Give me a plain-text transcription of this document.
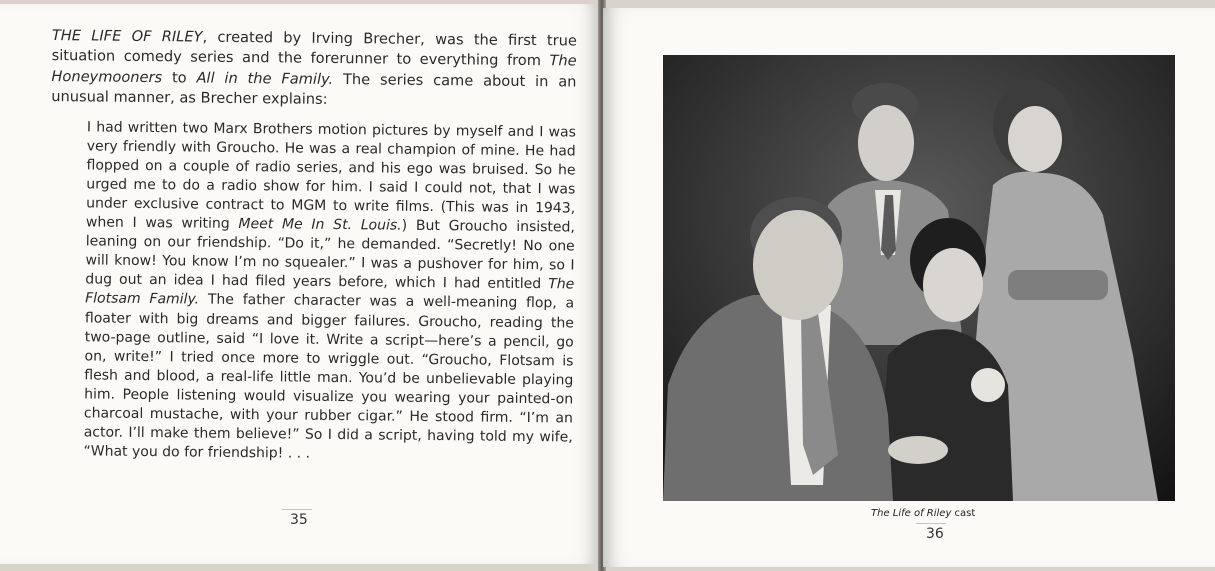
THE LIFE OF RILEY, created by Irving Brecher, was the first true situation comedy series and the forerunner to everything from The Honeymooners to All in the Family. The series came about in an unusual manner, as Brecher explains:

I had written two Marx Brothers motion pictures by myself and I was very friendly with Groucho. He was a real champion of mine. He had flopped on a couple of radio series, and his ego was bruised. So he urged me to do a radio show for him. I said I could not, that I was under exclusive contract to MGM to write films. (This was in 1943, when I was writing Meet Me In St. Louis.) But Groucho insisted, leaning on our friendship. “Do it,” he demanded. “Secretly! No one will know! You know I’m no squealer.” I was a pushover for him, so I dug out an idea I had filed years before, which I had entitled The Flotsam Family. The father character was a well-meaning flop, a floater with big dreams and bigger failures. Groucho, reading the two-page outline, said “I love it. Write a script—here’s a pencil, go on, write!” I tried once more to wriggle out. “Groucho, Flotsam is flesh and blood, a real-life little man. You’d be unbelievable playing him. People listening would visualize you wearing your painted-on charcoal mustache, with your rubber cigar.” He stood firm. “I’m an actor. I’ll make them believe!” So I did a script, having told my wife, “What you do for friendship! . . .

35	The Life of Riley cast
36
